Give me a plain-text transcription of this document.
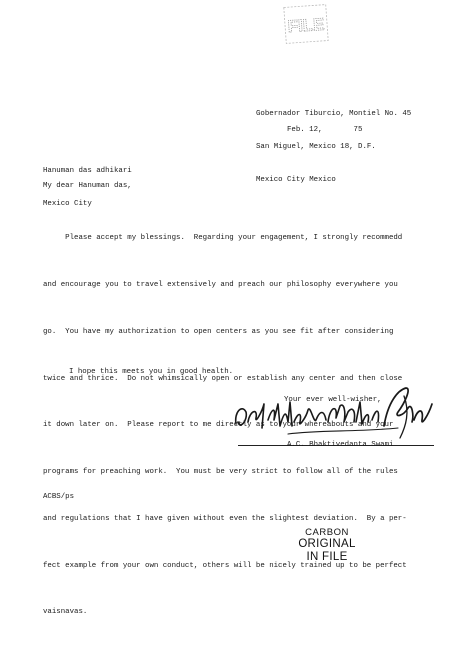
FILE

Gobernador Tiburcio, Montiel No. 45

San Miguel, Mexico 18, D.F.

Mexico City Mexico

Feb. 12,       75

Hanuman das adhikari

Mexico City

My dear Hanuman das,

Please accept my blessings.  Regarding your engagement, I strongly recommedd

and encourage you to travel extensively and preach our philosophy everywhere you

go.  You have my authorization to open centers as you see fit after considering

twice and thrice.  Do not whimsically open or establish any center and then close

it down later on.  Please report to me directly as to your whereabouts and your

programs for preaching work.  You must be very strict to follow all of the rules

and regulations that I have given without even the slightest deviation.  By a per-

fect example from your own conduct, others will be nicely trained up to be perfect

vaisnavas.

I hope this meets you in good health.
Your ever well-wisher,
A.C. Bhaktivedanta Swami
ACBS/ps
CARBON
ORIGINAL
IN FILE
